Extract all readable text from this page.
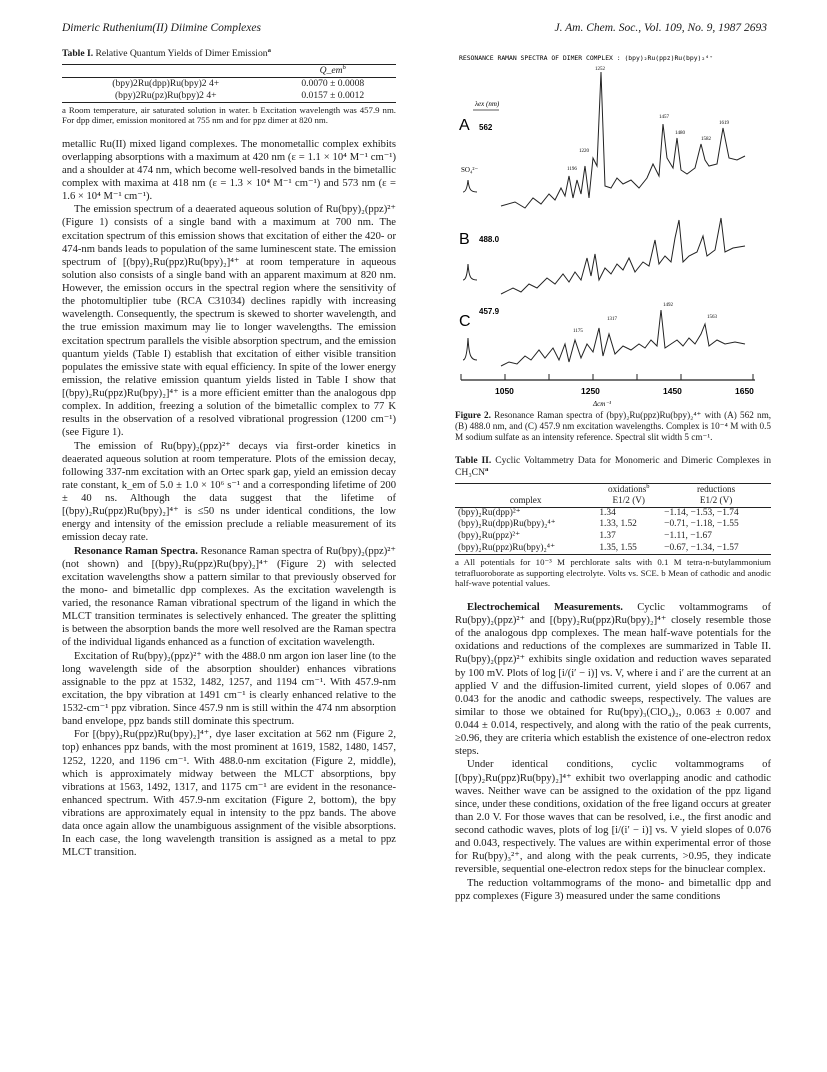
Dimeric Ruthenium(II) Diimine Complexes	J. Am. Chem. Soc., Vol. 109, No. 9, 1987 2693

Table I. Relative Quantum Yields of Dimer Emission$^a$

	$Q\_em^b$
(bpy)2Ru(dpp)Ru(bpy)2 4+	0.0070 ± 0.0008
(bpy)2Ru(pz)Ru(bpy)2 4+	0.0157 ± 0.0012

a Room temperature, air saturated solution in water. b Excitation wavelength was 457.9 nm. For dpp dimer, emission monitored at 755 nm and for ppz dimer at 820 nm.

metallic Ru(II) mixed ligand complexes. The monometallic complex exhibits overlapping absorptions with a maximum at 420 nm (ε = 1.1 × 10⁴ M⁻¹ cm⁻¹) and a shoulder at 474 nm, which become well-resolved bands in the bimetallic complex with maxima at 418 nm (ε = 1.3 × 10⁴ M⁻¹ cm⁻¹) and 573 nm (ε = 1.6 × 10⁴ M⁻¹ cm⁻¹).

The emission spectrum of a deaerated aqueous solution of Ru(bpy)₂(ppz)²⁺ (Figure 1) consists of a single band with a maximum at 700 nm. The excitation spectrum of this emission shows that excitation of either the 420- or 474-nm bands leads to population of the same luminescent state. The emission spectrum of [(bpy)₂Ru(ppz)Ru(bpy)₂]⁴⁺ at room temperature in aqueous solution also consists of a single band with an apparent maximum at 820 nm. However, the emission occurs in the spectral region where the sensitivity of the photomultiplier tube (RCA C31034) declines rapidly with increasing wavelength. Consequently, the spectrum is skewed to shorter wavelength, and the true emission maximum may lie to longer wavelengths. The emission excitation spectrum parallels the visible absorption spectrum, and the emission quantum yields (Table I) establish that excitation of either visible transition populates the emissive state with equal efficiency. In spite of the lower energy emission, the relative emission quantum yields listed in Table I show that [(bpy)₂Ru(ppz)Ru(bpy)₂]⁴⁺ is a more efficient emitter than the analogous dpp complex. In addition, freezing a solution of the bimetallic complex to 77 K results in the observation of a resolved vibrational progression (1200 cm⁻¹) (see Figure 1).

The emission of Ru(bpy)₂(ppz)²⁺ decays via first-order kinetics in deaerated aqueous solution at room temperature. Plots of the emission decay, following 337-nm excitation with an Ortec spark gap, yield an emission decay rate constant, k_em of 5.0 ± 1.0 × 10⁶ s⁻¹ and a corresponding lifetime of 200 ± 40 ns. Although the data suggest that the lifetime of [(bpy)₂Ru(ppz)Ru(bpy)₂]⁴⁺ is ≤50 ns under identical conditions, the low energy and intensity of the emission preclude a reliable measurement of its emission decay rate.

Resonance Raman Spectra. Resonance Raman spectra of Ru(bpy)₂(ppz)²⁺ (not shown) and [(bpy)₂Ru(ppz)Ru(bpy)₂]⁴⁺ (Figure 2) with selected excitation wavelengths show a pattern similar to that previously observed for the mono- and bimetallic dpp complexes. As the excitation wavelength is varied, the resonance Raman vibrational spectrum of the ligand in which the MLCT transition terminates is selectively enhanced. The greater the splitting is between the absorption bands the more well resolved are the Raman spectra of the individual ligands enhanced as a function of excitation wavelength.

Excitation of Ru(bpy)₂(ppz)²⁺ with the 488.0 nm argon ion laser line (to the long wavelength side of the absorption shoulder) enhances vibrations assignable to the ppz at 1532, 1482, 1257, and 1194 cm⁻¹. With 457.9-nm excitation, the bpy vibration at 1491 cm⁻¹ is clearly enhanced relative to the 1532-cm⁻¹ ppz vibration. Since 457.9 nm is still within the 474 nm absorption band envelope, ppz bands still dominate this spectrum.

For [(bpy)₂Ru(ppz)Ru(bpy)₂]⁴⁺, dye laser excitation at 562 nm (Figure 2, top) enhances ppz bands, with the most prominent at 1619, 1582, 1480, 1457, 1252, 1220, and 1196 cm⁻¹. With 488.0-nm excitation (Figure 2, middle), which is approximately midway between the MLCT absorptions, bpy vibrations at 1563, 1492, 1317, and 1175 cm⁻¹ are evident in the resonance-enhanced spectrum. With 457.9-nm excitation (Figure 2, bottom), the bpy vibrations are approximately equal in intensity to the ppz bands. The above data once again allow the unambiguous assignment of the visible absorptions. In each case, the long wavelength transition is assigned as a metal to ppz MLCT transition.

RESONANCE RAMAN SPECTRA OF DIMER COMPLEX : (bpy)₂Ru(ppz)Ru(bpy)₂⁴⁺
A
B
C
λex (nm)
562
488.0
457.9
SO₄²⁻
1252
1220
1196
1457
1480
1582
1619
1317
1175
1492
1563
1050	1250	1450	1650
Δcm⁻¹

Figure 2. Resonance Raman spectra of (bpy)₂Ru(ppz)Ru(bpy)₂⁴⁺ with (A) 562 nm, (B) 488.0 nm, and (C) 457.9 nm excitation wavelengths. Complex is 10⁻⁴ M with 0.5 M sodium sulfate as an intensity reference. Spectral slit width 5 cm⁻¹.

Table II. Cyclic Voltammetry Data for Monomeric and Dimeric Complexes in $CH_3CN^a$

	oxidations$^b$	reductions
complex	E1/2 (V)	E1/2 (V)
(bpy)₂Ru(dpp)²⁺	1.34	−1.14, −1.53, −1.74
(bpy)₂Ru(dpp)Ru(bpy)₂⁴⁺	1.33, 1.52	−0.71, −1.18, −1.55
(bpy)₂Ru(ppz)²⁺	1.37	−1.11, −1.67
(bpy)₂Ru(ppz)Ru(bpy)₂⁴⁺	1.35, 1.55	−0.67, −1.34, −1.57

a All potentials for 10⁻³ M perchlorate salts with 0.1 M tetra-n-butylammonium tetrafluoroborate as supporting electrolyte. Volts vs. SCE. b Mean of cathodic and anodic half-wave potential values.

Electrochemical Measurements. Cyclic voltammograms of Ru(bpy)₂(ppz)²⁺ and [(bpy)₂Ru(ppz)Ru(bpy)₂]⁴⁺ closely resemble those of the analogous dpp complexes. The mean half-wave potentials for the oxidations and reductions of the complexes are summarized in Table II. Ru(bpy)₂(ppz)²⁺ exhibits single oxidation and reduction waves separated by 100 mV. Plots of log [i/(i′ − i)] vs. V, where i and i′ are the current at an applied V and the diffusion-limited current, yield slopes of 0.067 and 0.043 for the anodic and cathodic sweeps, respectively. The values are similar to those we obtained for Ru(bpy)₃(ClO₄)₂, 0.063 ± 0.007 and 0.044 ± 0.014, respectively, and along with the ratio of the peak currents, ≥0.96, they are criteria which establish the existence of one-electron redox steps.

Under identical conditions, cyclic voltammograms of [(bpy)₂Ru(ppz)Ru(bpy)₂]⁴⁺ exhibit two overlapping anodic and cathodic waves. Neither wave can be assigned to the oxidation of the ppz ligand since, under these conditions, oxidation of the free ligand occurs at greater than 2.0 V. For those waves that can be resolved, i.e., the first anodic and second cathodic waves, plots of log [i/(i′ − i)] vs. V yield slopes of 0.076 and 0.043, respectively. The values are within experimental error of those for Ru(bpy)₃²⁺, and along with the peak currents, >0.95, they indicate reversible, sequential one-electron redox steps for the binuclear complex.

The reduction voltammograms of the mono- and bimetallic dpp and ppz complexes (Figure 3) measured under the same conditions
